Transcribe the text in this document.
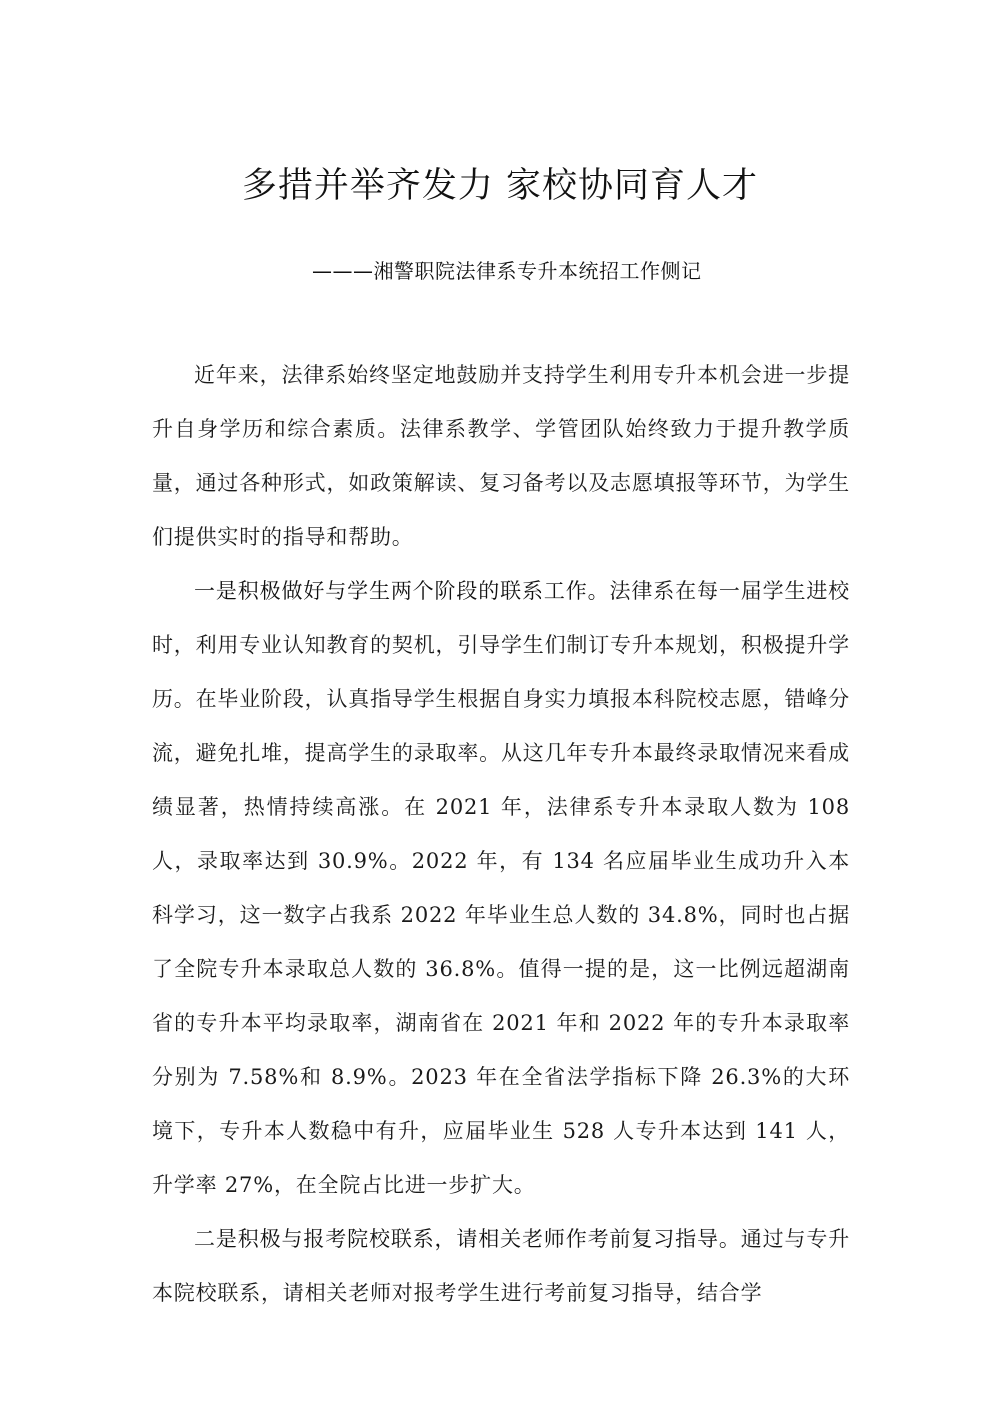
多措并举齐发力 家校协同育人才

———湘警职院法律系专升本统招工作侧记

近年来，法律系始终坚定地鼓励并支持学生利用专升本机会进一步提升自身学历和综合素质。法律系教学、学管团队始终致力于提升教学质量，通过各种形式，如政策解读、复习备考以及志愿填报等环节，为学生们提供实时的指导和帮助。

一是积极做好与学生两个阶段的联系工作。法律系在每一届学生进校时，利用专业认知教育的契机，引导学生们制订专升本规划，积极提升学历。在毕业阶段，认真指导学生根据自身实力填报本科院校志愿，错峰分流，避免扎堆，提高学生的录取率。从这几年专升本最终录取情况来看成绩显著，热情持续高涨。在 2021 年，法律系专升本录取人数为 108 人，录取率达到 30.9%。2022 年，有 134 名应届毕业生成功升入本科学习，这一数字占我系 2022 年毕业生总人数的 34.8%，同时也占据了全院专升本录取总人数的 36.8%。值得一提的是，这一比例远超湖南省的专升本平均录取率，湖南省在 2021 年和 2022 年的专升本录取率分别为 7.58%和 8.9%。2023 年在全省法学指标下降 26.3%的大环境下，专升本人数稳中有升，应届毕业生 528 人专升本达到 141 人，升学率 27%，在全院占比进一步扩大。

二是积极与报考院校联系，请相关老师作考前复习指导。通过与专升本院校联系，请相关老师对报考学生进行考前复习指导，结合学
